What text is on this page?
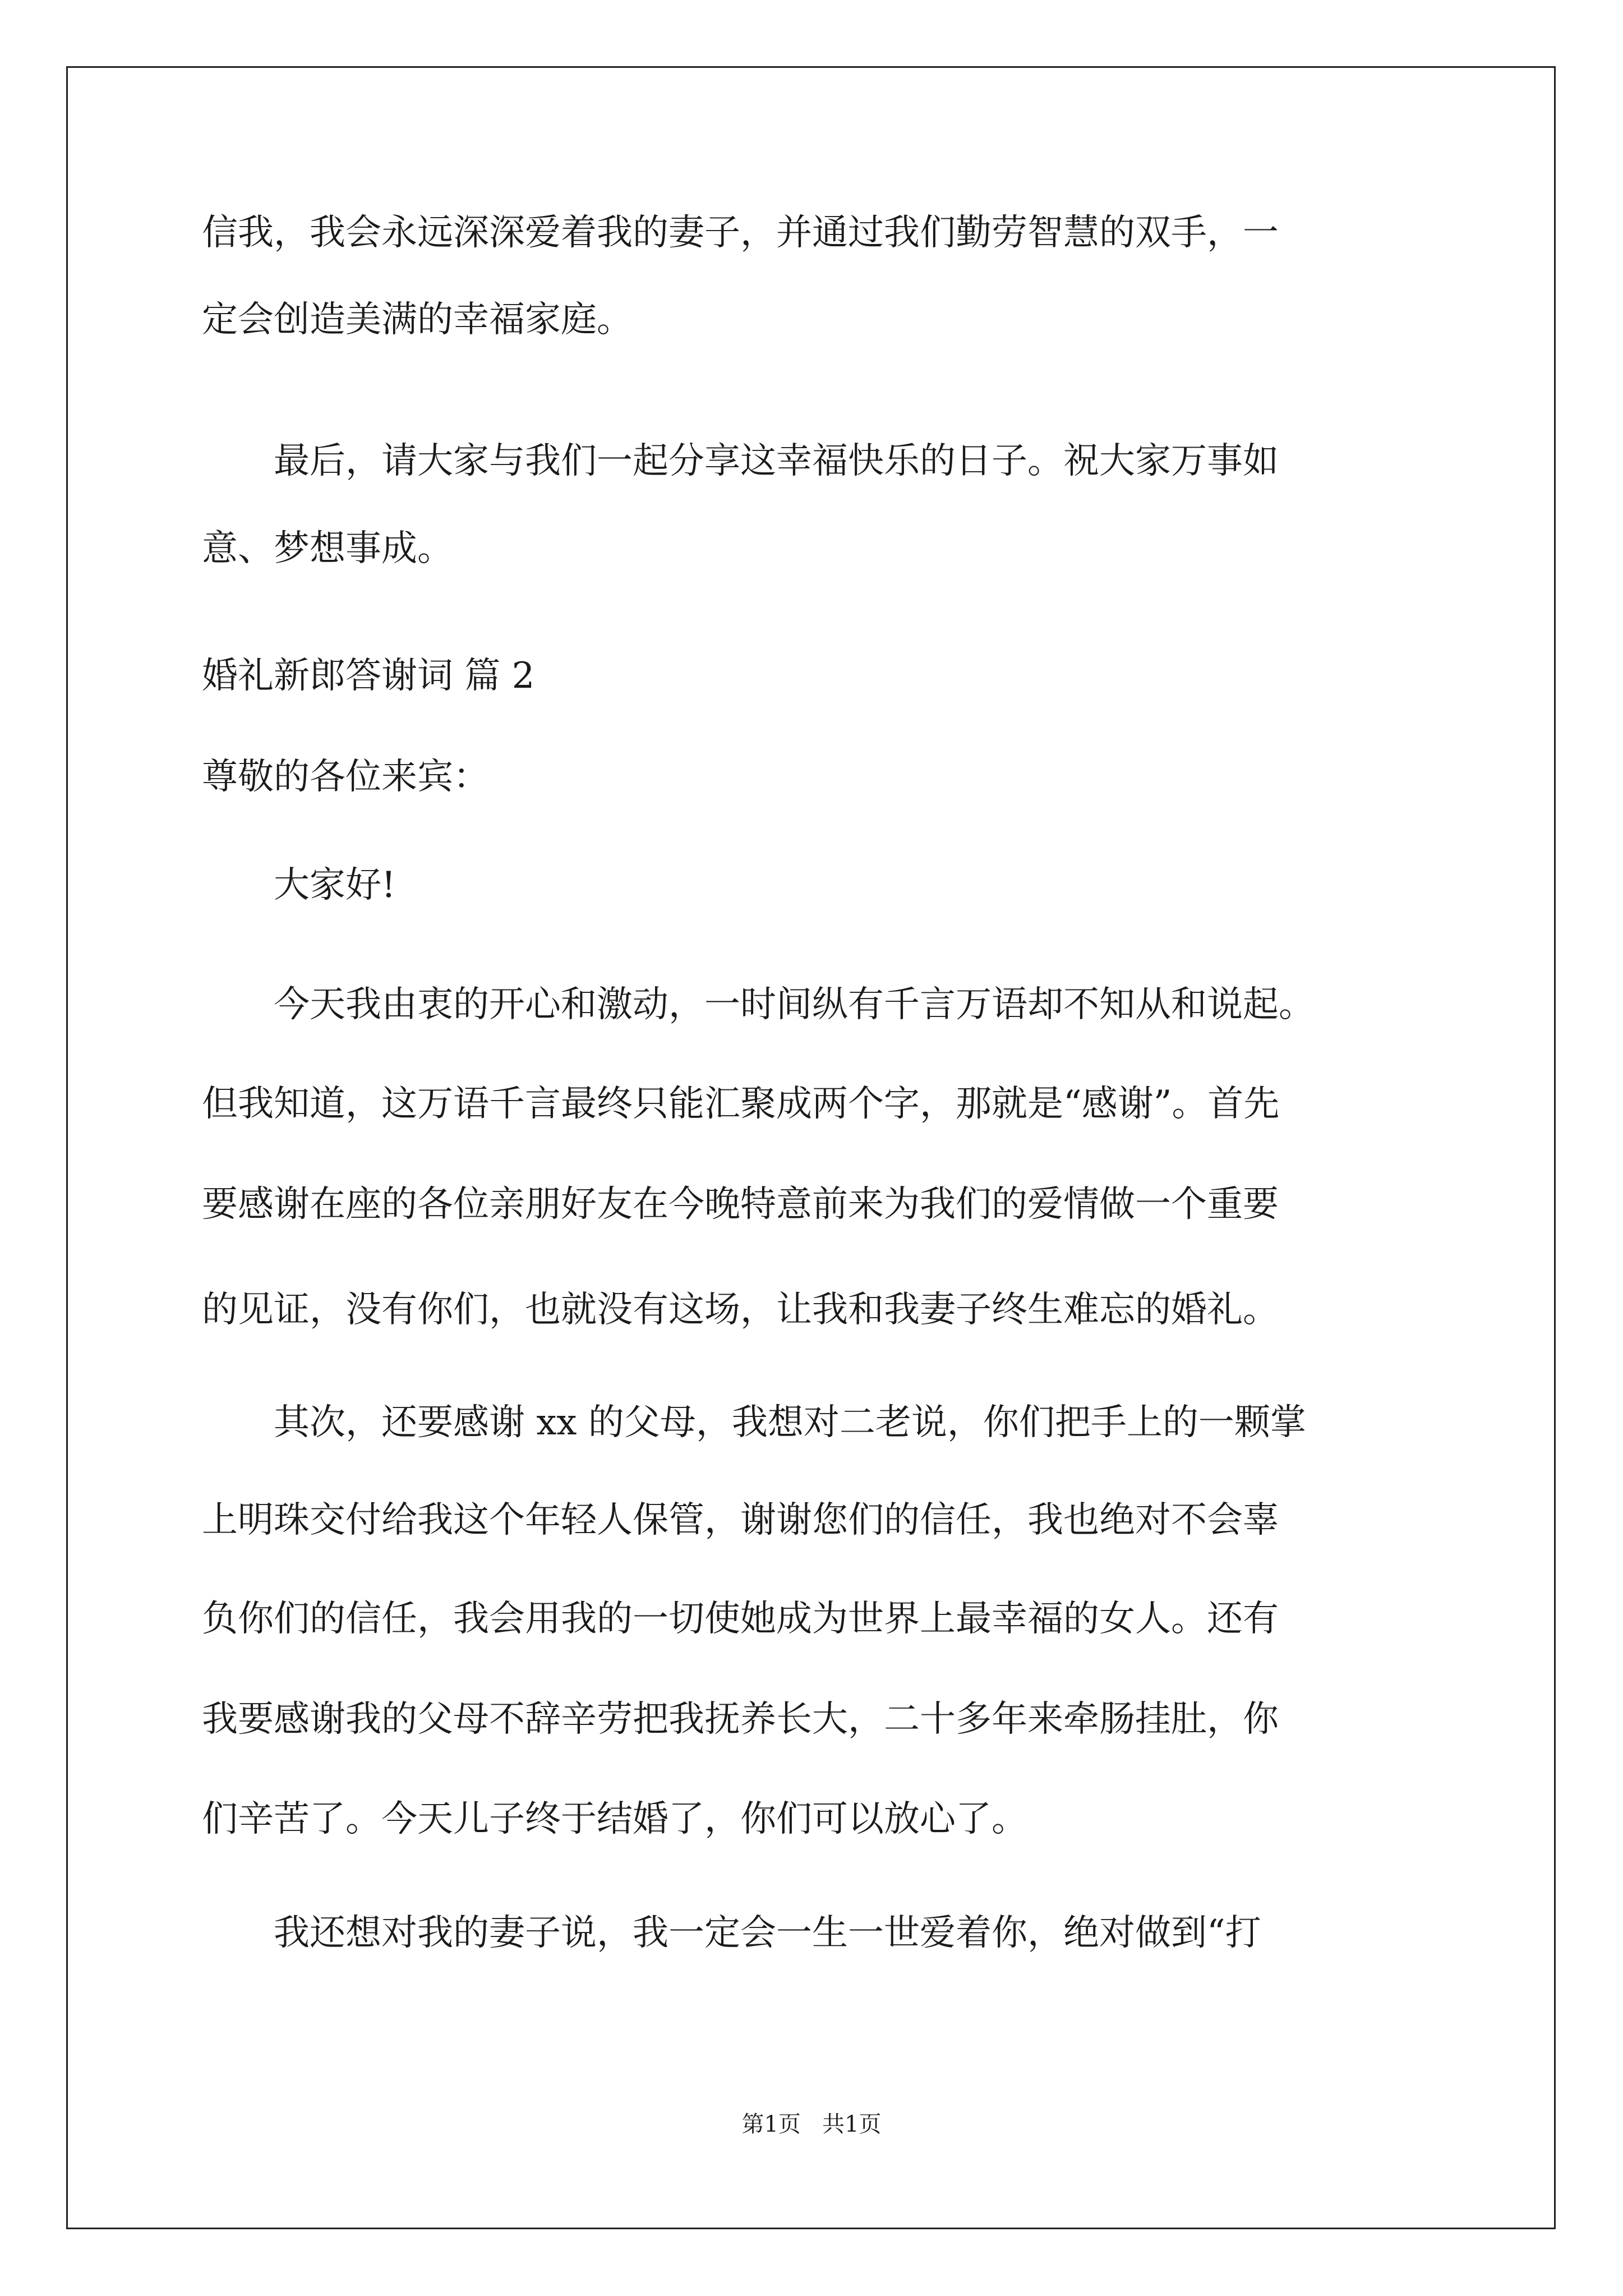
信我，我会永远深深爱着我的妻子，并通过我们勤劳智慧的双手，一

定会创造美满的幸福家庭。

　　最后，请大家与我们一起分享这幸福快乐的日子。祝大家万事如

意、梦想事成。

婚礼新郎答谢词 篇 2

尊敬的各位来宾：

　　大家好!

　　今天我由衷的开心和激动，一时间纵有千言万语却不知从和说起。

但我知道，这万语千言最终只能汇聚成两个字，那就是“感谢”。首先

要感谢在座的各位亲朋好友在今晚特意前来为我们的爱情做一个重要

的见证，没有你们，也就没有这场，让我和我妻子终生难忘的婚礼。

　　其次，还要感谢 xx 的父母，我想对二老说，你们把手上的一颗掌

上明珠交付给我这个年轻人保管，谢谢您们的信任，我也绝对不会辜

负你们的信任，我会用我的一切使她成为世界上最幸福的女人。还有

我要感谢我的父母不辞辛劳把我抚养长大，二十多年来牵肠挂肚，你

们辛苦了。今天儿子终于结婚了，你们可以放心了。

　　我还想对我的妻子说，我一定会一生一世爱着你，绝对做到“打

第1页   共1页
